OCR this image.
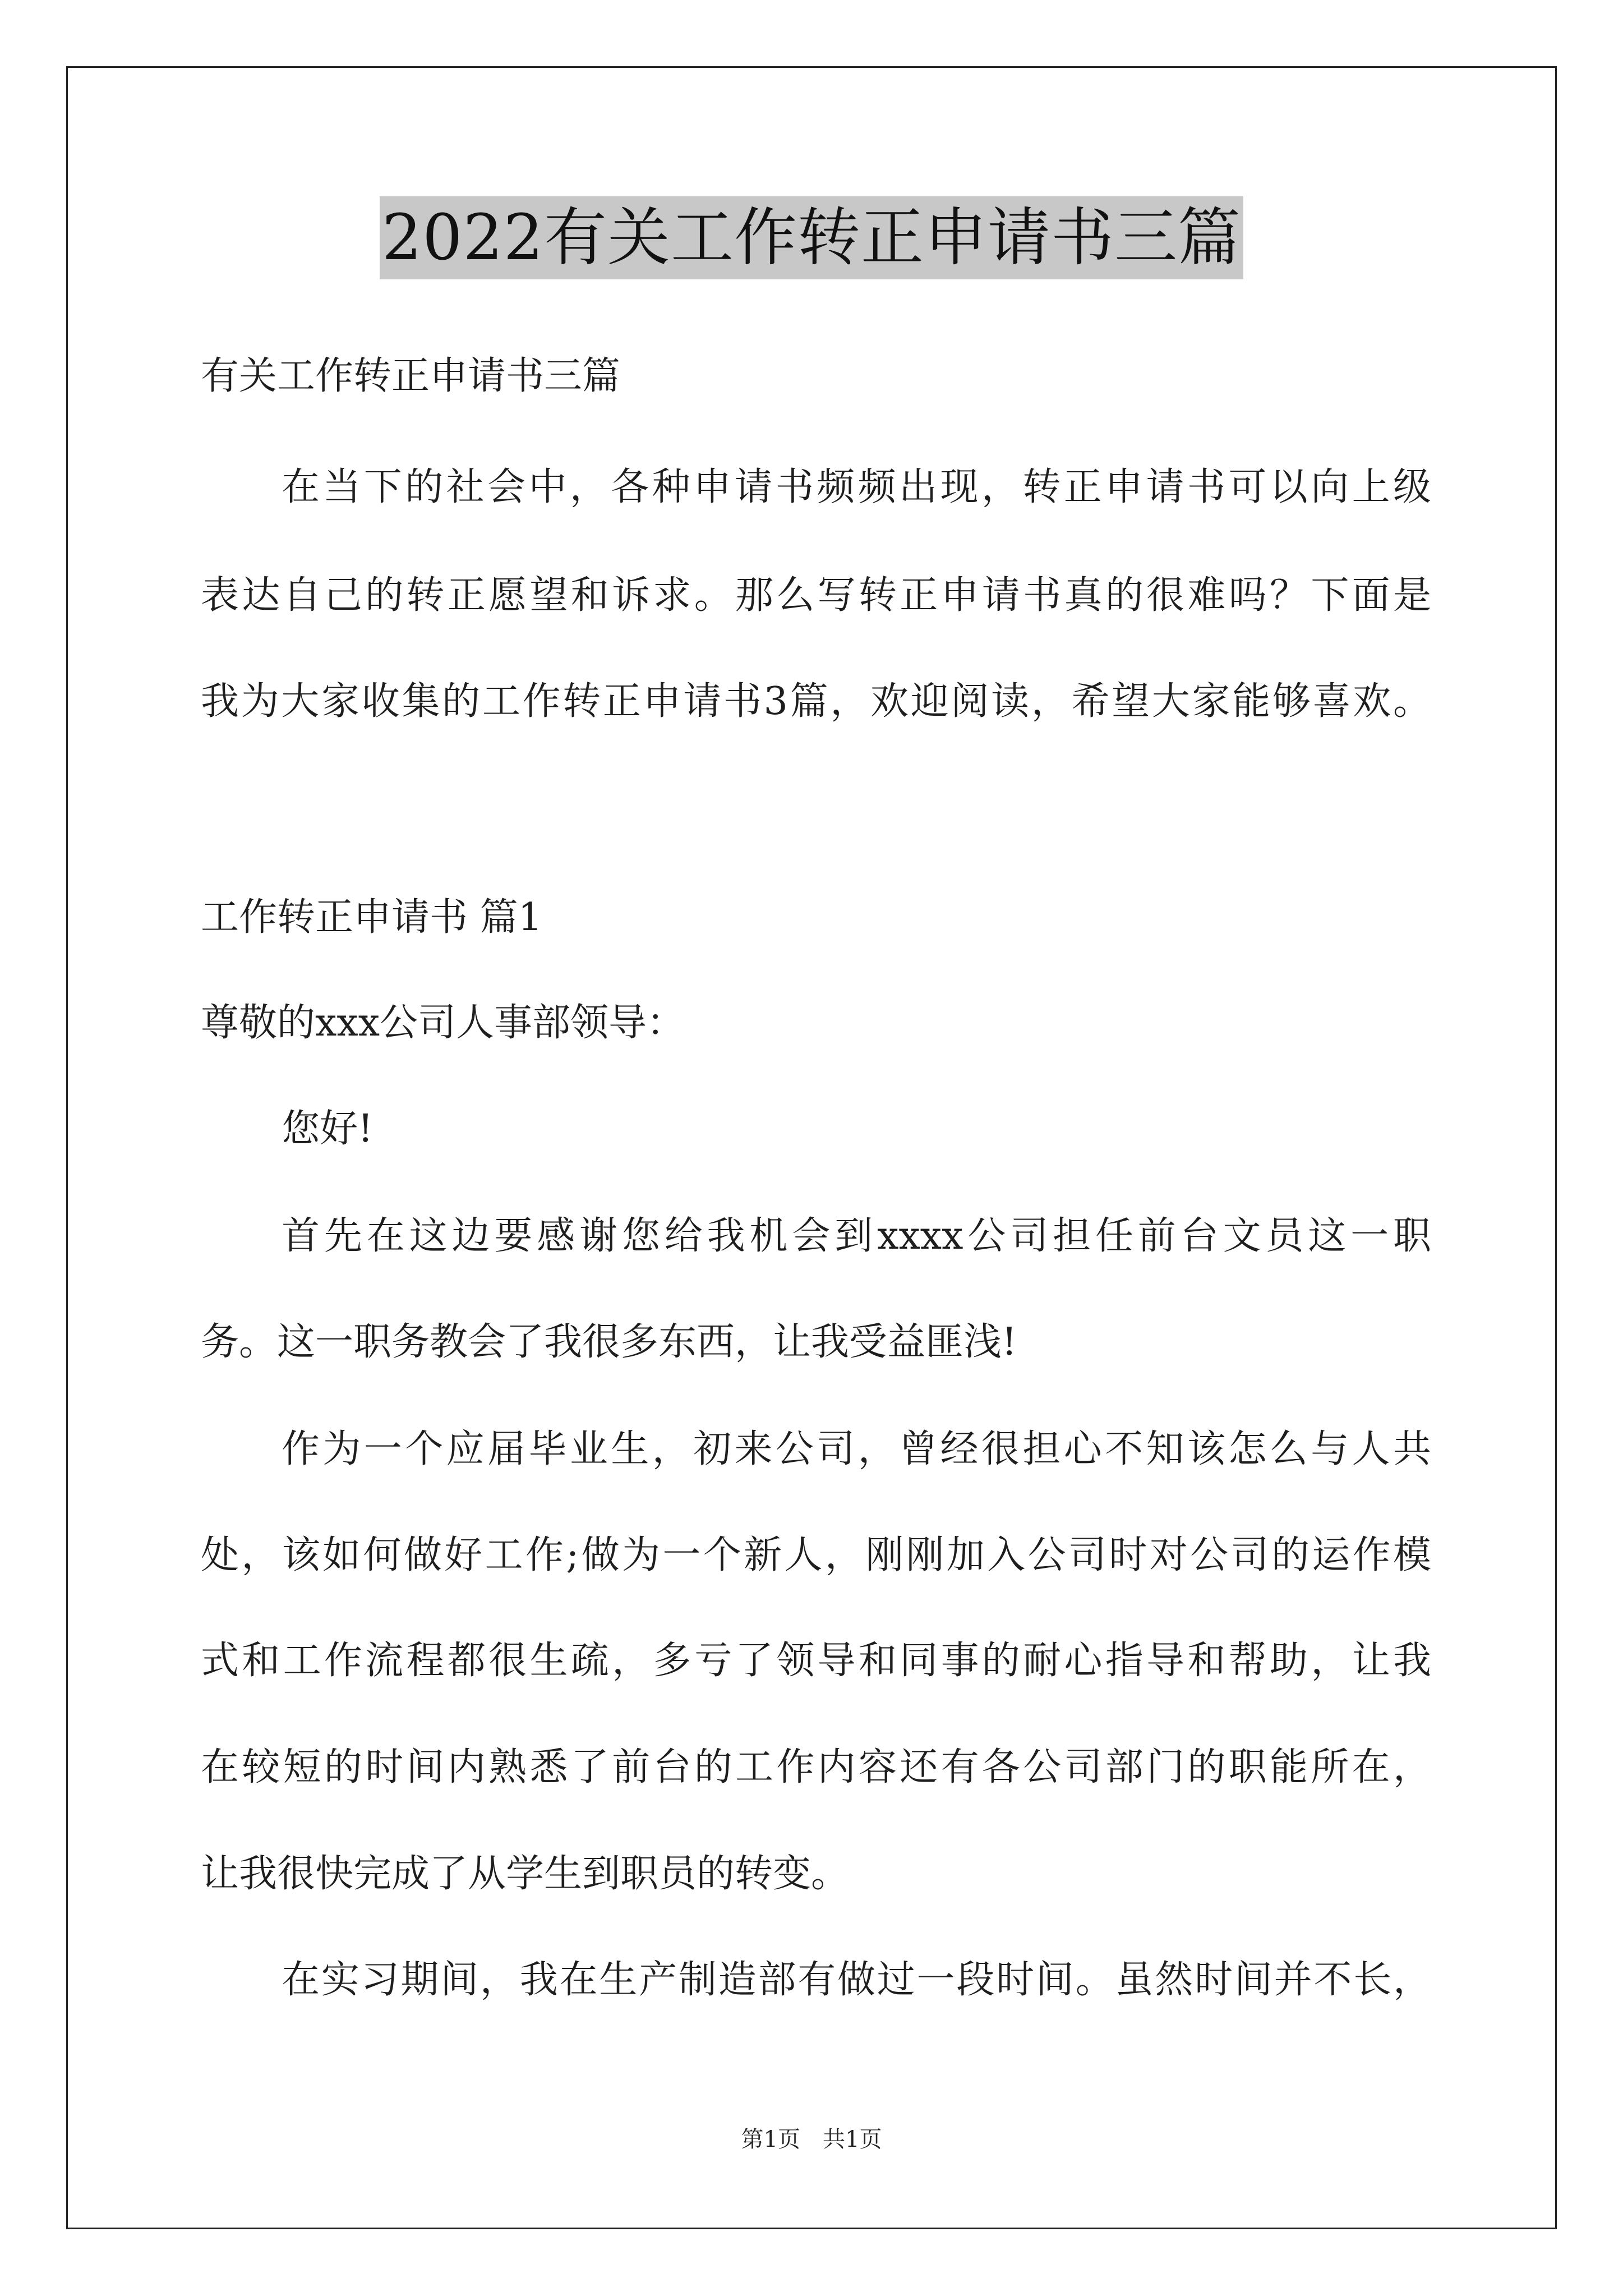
2022有关工作转正申请书三篇
有关工作转正申请书三篇
在当下的社会中，各种申请书频频出现，转正申请书可以向上级
表达自己的转正愿望和诉求。那么写转正申请书真的很难吗？下面是
我为大家收集的工作转正申请书3篇，欢迎阅读，希望大家能够喜欢。
工作转正申请书 篇1
尊敬的xxx公司人事部领导：
您好!
首先在这边要感谢您给我机会到xxxx公司担任前台文员这一职
务。这一职务教会了我很多东西，让我受益匪浅!
作为一个应届毕业生，初来公司，曾经很担心不知该怎么与人共
处，该如何做好工作;做为一个新人，刚刚加入公司时对公司的运作模
式和工作流程都很生疏，多亏了领导和同事的耐心指导和帮助，让我
在较短的时间内熟悉了前台的工作内容还有各公司部门的职能所在，
让我很快完成了从学生到职员的转变。
在实习期间，我在生产制造部有做过一段时间。虽然时间并不长，
第1页　共1页
